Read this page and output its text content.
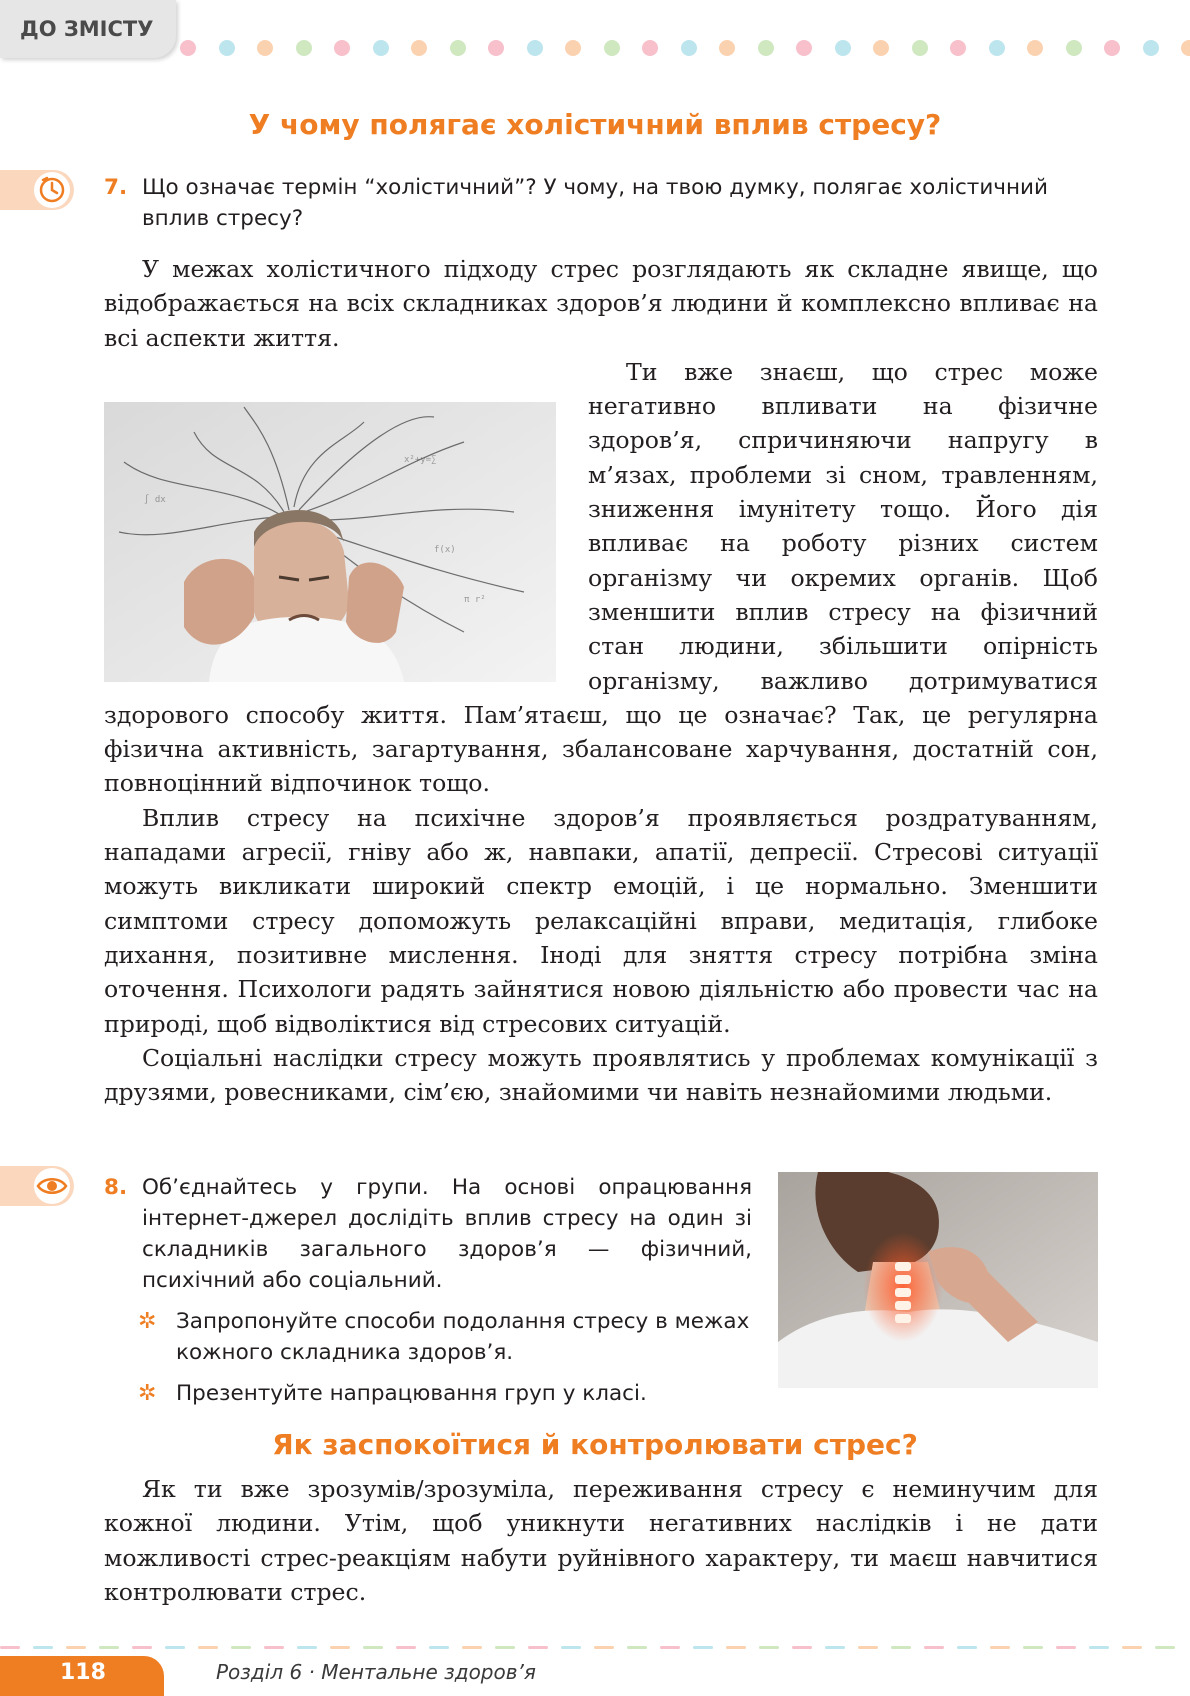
ДО ЗМІСТУ
У чому полягає холістичний вплив стресу?
7. Що означає термін “холістичний”? У чому, на твою думку, полягає холістичний вплив стресу?

У межах холістичного підходу стрес розглядають як складне явище, що відображається на всіх складниках здоров’я людини й комплексно впливає на всі аспекти життя.

x²+y=∑
f(x)
∫ dx
π r²

Ти вже знаєш, що стрес може негативно впливати на фізичне здоров’я, спричиняючи напругу в м’язах, проблеми зі сном, травленням, зниження імунітету тощо. Його дія впливає на роботу різних систем організму чи окремих органів. Щоб зменшити вплив стресу на фізичний стан людини, збільшити опірність організму, важливо дотримуватися здорового способу життя. Пам’ятаєш, що це означає? Так, це регулярна фізична активність, загартування, збалансоване харчування, достатній сон, повноцінний відпочинок тощо.

Вплив стресу на психічне здоров’я проявляється роздратуванням, нападами агресії, гніву або ж, навпаки, апатії, депресії. Стресові ситуації можуть викликати широкий спектр емоцій, і це нормально. Зменшити симптоми стресу допоможуть релаксаційні вправи, медитація, глибоке дихання, позитивне мислення. Іноді для зняття стресу потрібна зміна оточення. Психологи радять зайнятися новою діяльністю або провести час на природі, щоб відволіктися від стресових ситуацій.

Соціальні наслідки стресу можуть проявлятись у проблемах комунікації з друзями, ровесниками, сім’єю, знайомими чи навіть незнайомими людьми.

8. Об’єднайтесь у групи. На основі опрацювання інтернет-джерел дослідіть вплив стресу на один зі складників загального здоров’я — фізичний, психічний або соціальний.
✲ Запропонуйте способи подолання стресу в межах кожного складника здоров’я.
✲ Презентуйте напрацювання груп у класі.
Як заспокоїтися й контролювати стрес?

Як ти вже зрозумів/зрозуміла, переживання стресу є неминучим для кожної людини. Утім, щоб уникнути негативних наслідків і не дати можливості стрес-реакціям набути руйнівного характеру, ти маєш навчитися контролювати стрес.

118	Розділ 6 · Ментальне здоров’я
